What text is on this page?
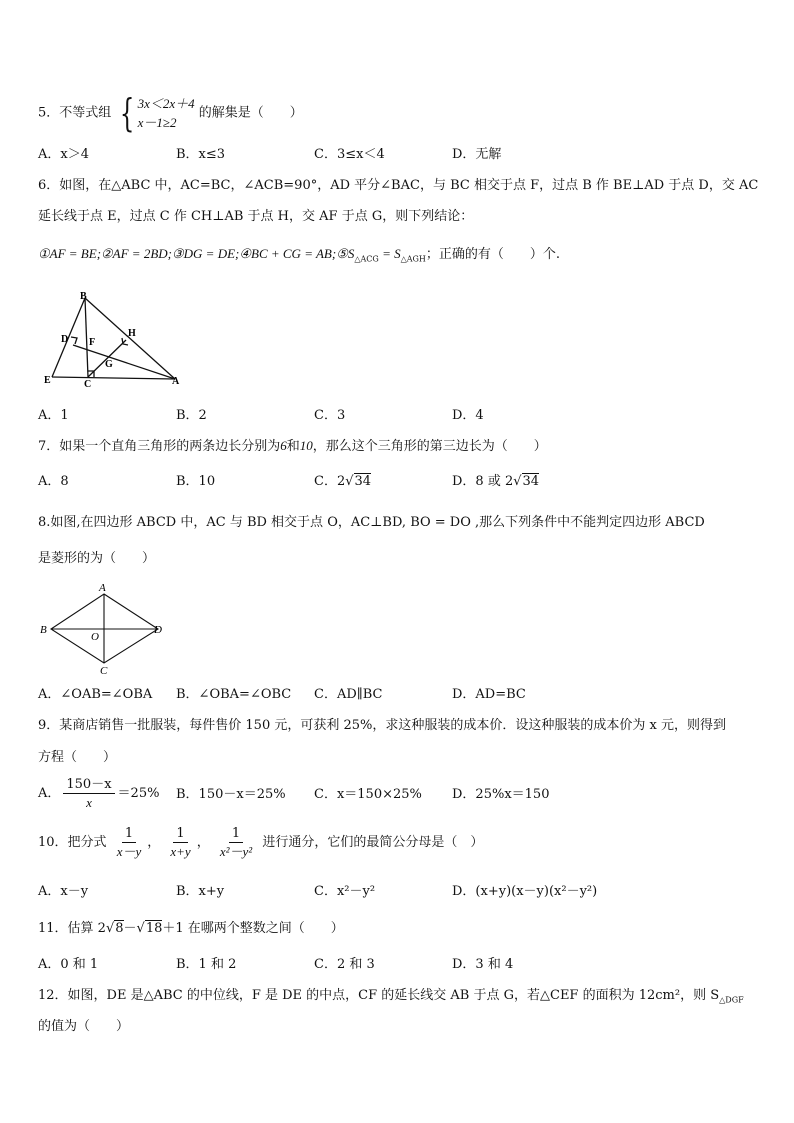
5．不等式组 { 3x＜2x＋4
x－1≥2
的解集是（　　）
A．x＞4	B．x≤3	C．3≤x＜4	D．无解
6．如图，在△ABC 中，AC=BC，∠ACB=90°，AD 平分∠BAC，与 BC 相交于点 F，过点 B 作 BE⊥AD 于点 D，交 AC
延长线于点 E，过点 C 作 CH⊥AB 于点 H，交 AF 于点 G，则下列结论：
①AF = BE;②AF = 2BD;③DG = DE;④BC + CG = $AB;⑤S_{\triangle ACG} = S_{\triangle AGH}$；正确的有（　　）个.
B
D
H
F
G
E	C	A
A．1	B．2	C．3	D．4
7．如果一个直角三角形的两条边长分别为6和10，那么这个三角形的第三边长为（　　）
A．8	B．10	C．2√34	D．8 或 2√34
8.如图,在四边形 ABCD 中，AC 与 BD 相交于点 O，AC⊥BD, BO = DO ,那么下列条件中不能判定四边形 ABCD
是菱形的为（　　）
A
B
O
D
C
A．∠OAB=∠OBA B．∠OBA=∠OBC C．AD∥BC	D．AD=BC
9．某商店销售一批服装，每件售价 150 元，可获利 25%，求这种服装的成本价．设这种服装的成本价为 x 元，则得到
方程（　　）
A． $\frac{150-x}{x} =25\%$ B．150－x＝25% C．x＝150×25% D．25%x＝150
10．把分式 $\frac{1}{x-y}$ ， $\frac{1}{x+y}$ ， $\frac{1}{\text{x²－y²}}$ 进行通分，它们的最简公分母是（　）
A．x－y	B．x+y	C．x²－y²	D．(x+y)(x－y)(x²－y²)
11．估算 2√8－√18＋1 在哪两个整数之间（　　）
A．0 和 1	B．1 和 2	C．2 和 3	D．3 和 4
12．如图，DE 是△ABC 的中位线，F 是 DE 的中点，CF 的延长线交 AB 于点 G，若△CEF 的面积为 12cm²，则 $S_{\triangle DGF}$
的值为（　　）
